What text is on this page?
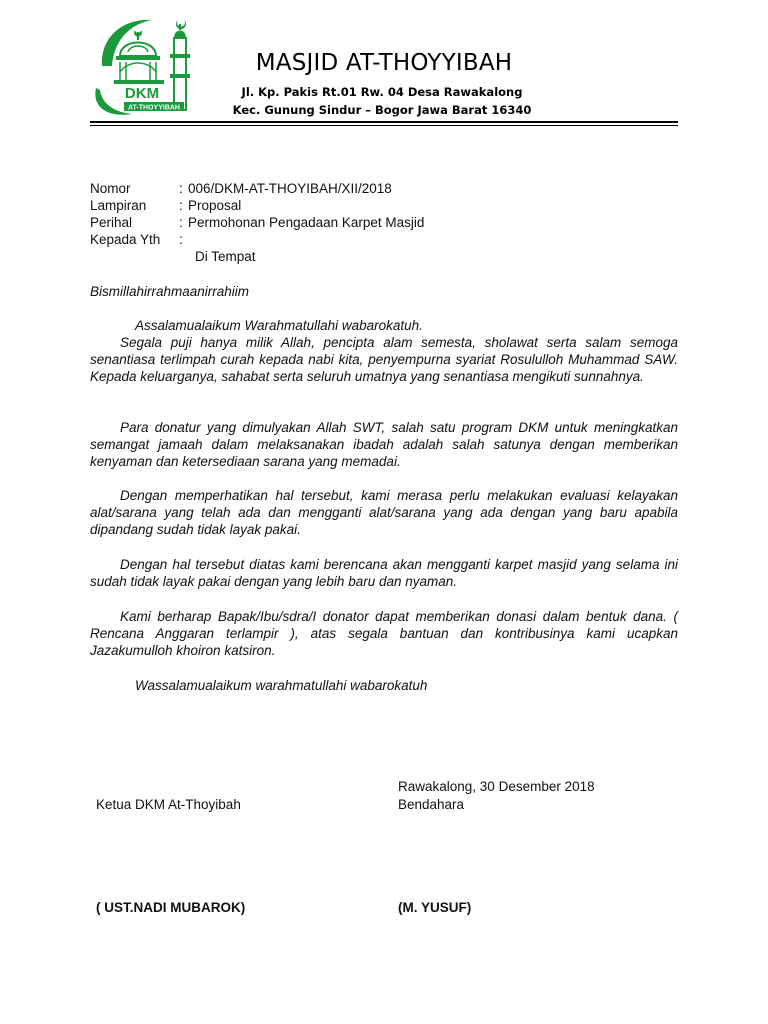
DKM
AT-THOYYIBAH
MASJID AT-THOYYIBAH
Jl. Kp. Pakis Rt.01 Rw. 04 Desa Rawakalong
Kec. Gunung Sindur – Bogor Jawa Barat 16340
Nomor	: 006/DKM-AT-THOYIBAH/XII/2018
Lampiran : Proposal
Perihal	: Permohonan Pengadaan Karpet Masjid
Kepada Yth :
Di Tempat
Bismillahirrahmaanirrahiim
Assalamualaikum Warahmatullahi wabarokatuh.
Segala puji hanya milik Allah, pencipta alam semesta, sholawat serta salam semoga senantiasa terlimpah curah kepada nabi kita, penyempurna syariat Rosululloh Muhammad SAW. Kepada keluarganya, sahabat serta seluruh umatnya yang senantiasa mengikuti sunnahnya.
Para donatur yang dimulyakan Allah SWT, salah satu program DKM untuk meningkatkan semangat jamaah dalam melaksanakan ibadah adalah salah satunya dengan memberikan kenyaman dan ketersediaan sarana yang memadai.
Dengan memperhatikan hal tersebut, kami merasa perlu melakukan evaluasi kelayakan alat/sarana yang telah ada dan mengganti alat/sarana yang ada dengan yang baru apabila dipandang sudah tidak layak pakai.
Dengan hal tersebut diatas kami berencana akan mengganti karpet masjid yang selama ini sudah tidak layak pakai dengan yang lebih baru dan nyaman.
Kami berharap Bapak/Ibu/sdra/I donator dapat memberikan donasi dalam bentuk dana. ( Rencana Anggaran terlampir ), atas segala bantuan dan kontribusinya kami ucapkan Jazakumulloh khoiron katsiron.
Wassalamualaikum warahmatullahi wabarokatuh
Rawakalong, 30 Desember 2018
Ketua DKM At-Thoyibah	Bendahara
( UST.NADI MUBAROK)	(M. YUSUF)
